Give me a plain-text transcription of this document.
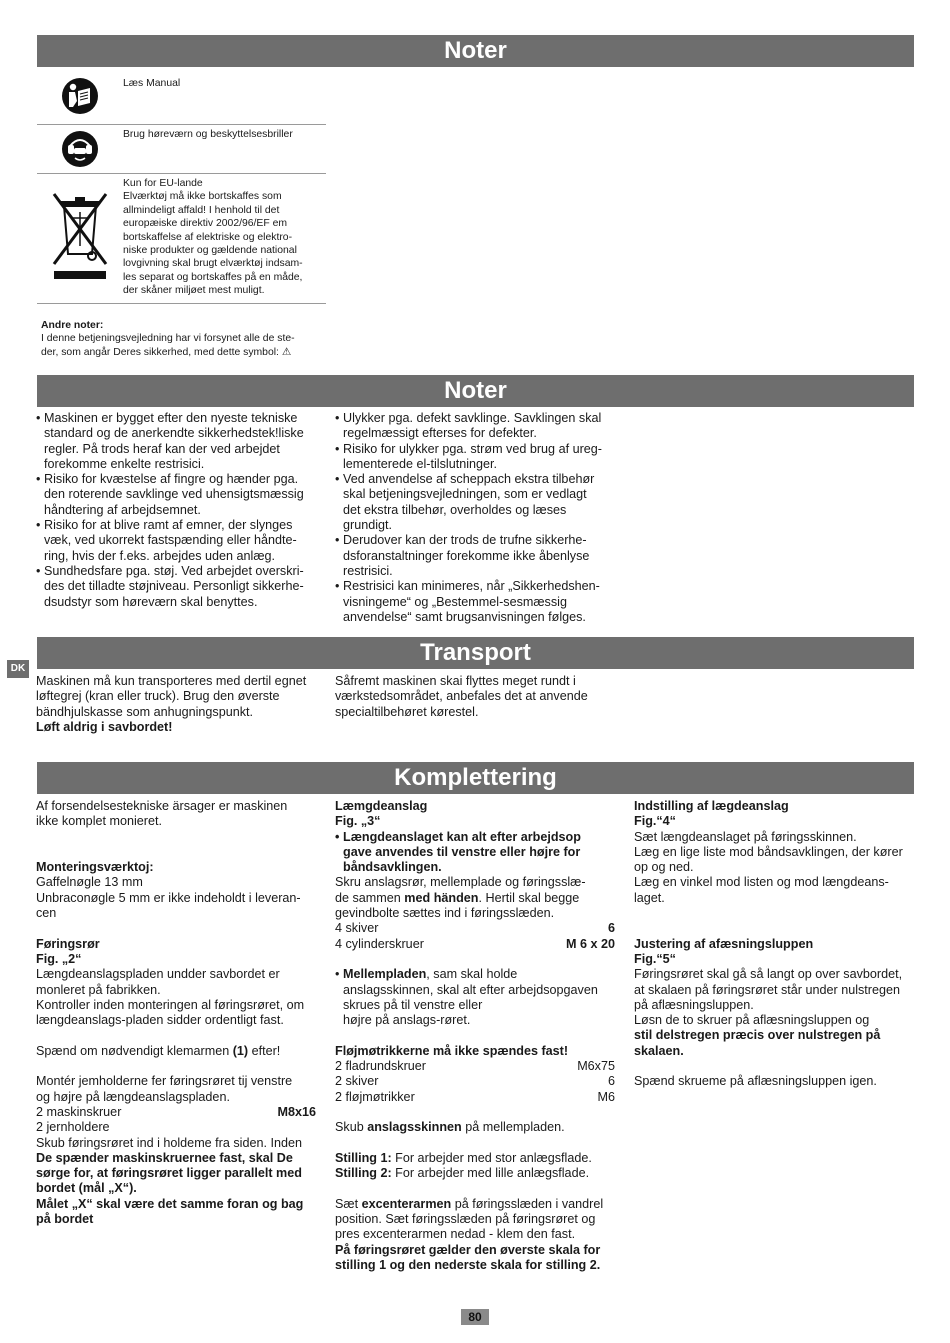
Noter
Noter
Transport
Komplettering
Læs Manual
Brug høreværn og beskyttelsesbriller

Kun for EU-lande

Elværktøj må ikke bortskaffes som

allmindeligt affald! I henhold til det

europæiske direktiv 2002/96/EF em

bortskaffelse af elektriske og elektro-

niske produkter og gældende national

lovgivning skal brugt elværktøj indsam-

les separat og bortskaffes på en måde,

der skåner miljøet mest muligt.

Andre noter:

I denne betjeningsvejledning har vi forsynet alle de ste-

der, som angår Deres sikkerhed, med dette symbol: ⚠

• Maskinen er bygget efter den nyeste tekniske

standard og de anerkendte sikkerhedstek!liske

regler. På trods heraf kan der ved arbejdet

forekomme enkelte restrisici.

• Risiko for kvæstelse af fingre og hænder pga.

den roterende savklinge ved uhensigtsmæssig

håndtering af arbejdsemnet.

• Risiko for at blive ramt af emner, der slynges

væk, ved ukorrekt fastspænding eller håndte-

ring, hvis der f.eks. arbejdes uden anlæg.

• Sundhedsfare pga. støj. Ved arbejdet overskri-

des det tilladte støjniveau. Personligt sikkerhe-

dsudstyr som høreværn skal benyttes.

• Ulykker pga. defekt savklinge. Savklingen skal

regelmæssigt efterses for defekter.

• Risiko for ulykker pga. strøm ved brug af ureg-

lementerede el-tilslutninger.

• Ved anvendelse af scheppach ekstra tilbehør

skal betjeningsvejledningen, som er vedlagt

det ekstra tilbehør, overholdes og læses

grundigt.

• Derudover kan der trods de trufne sikkerhe-

dsforanstaltninger forekomme ikke åbenlyse

restrisici.

• Restrisici kan minimeres, når „Sikkerhedshen-

visningeme“ og „Bestemmel-sesmæssig

anvendelse“ samt brugsanvisningen følges.

DK

Maskinen må kun transporteres med dertil egnet

løftegrej (kran eller truck). Brug den øverste

bändhjulskasse som anhugningspunkt.

Løft aldrig i savbordet!

Såfremt maskinen skai flyttes meget rundt i

værkstedsområdet, anbefales det at anvende

specialtilbehøret kørestel.

Af forsendelsestekniske ärsager er maskinen

ikke komplet monieret.

Monteringsværktoj:

Gaffelnøgle 13 mm

Unbraconøgle 5 mm er ikke indeholdt i leveran-

cen

Føringsrør

Fig. „2“

Længdeanslagspladen undder savbordet er

monleret på fabrikken.

Kontroller inden monteringen al føringsrøret, om

længdeanslags-pladen sidder ordentligt fast.

Spænd om nødvendigt klemarmen (1) efter!

Montér jemholderne fer føringsrøret tij venstre

og højre på længdeanslagspladen.

2 maskinskruer	M8x16

2 jernholdere

Skub føringsrøret ind i holdeme fra siden. Inden

De spænder maskinskruernee fast, skal De

sørge for, at føringsrøret ligger parallelt med

bordet (mål „X“).

Målet „X“ skal være det samme foran og bag

på bordet

Læmgdeanslag

Fig. „3“

• Længdeanslaget kan alt efter arbejdsop

gave anvendes til venstre eller højre for

båndsavklingen.

Skru anslagsrør, mellemplade og føringsslæ-

de sammen med händen. Hertil skal begge

gevindbolte sættes ind i føringsslæden.

4 skiver	6
4 cylinderskruer	M 6 x 20

• Mellempladen, sam skal holde

anslagsskinnen, skal alt efter arbejdsopgaven

skrues på til venstre eller

højre på anslags-røret.

Fløjmøtrikkerne må ikke spændes fast!

2 fladrundskruer	M6x75
2 skiver	6
2 fløjmøtrikker	M6

Skub anslagsskinnen på mellempladen.

Stilling 1: For arbejder med stor anlægsflade.

Stilling 2: For arbejder med lille anlægsflade.

Sæt excenterarmen på føringsslæden i vandrel

position. Sæt føringsslæden på føringsrøret og

pres excenterarmen nedad - klem den fast.

På føringsrøret gælder den øverste skala for

stilling 1 og den nederste skala for stilling 2.

Indstilling af lægdeanslag

Fig.“4“

Sæt længdeanslaget på føringsskinnen.

Læg en lige liste mod båndsavklingen, der kører

op og ned.

Læg en vinkel mod listen og mod længdeans-

laget.

Justering af afæsningsluppen

Fig.“5“

Føringsrøret skal gå så langt op over savbordet,

at skalaen på føringsrøret står under nulstregen

på aflæsningsluppen.

Løsn de to skruer på aflæsningsluppen og

stil delstregen præcis over nulstregen på

skalaen.

Spænd skrueme på aflæsningsluppen igen.

80
